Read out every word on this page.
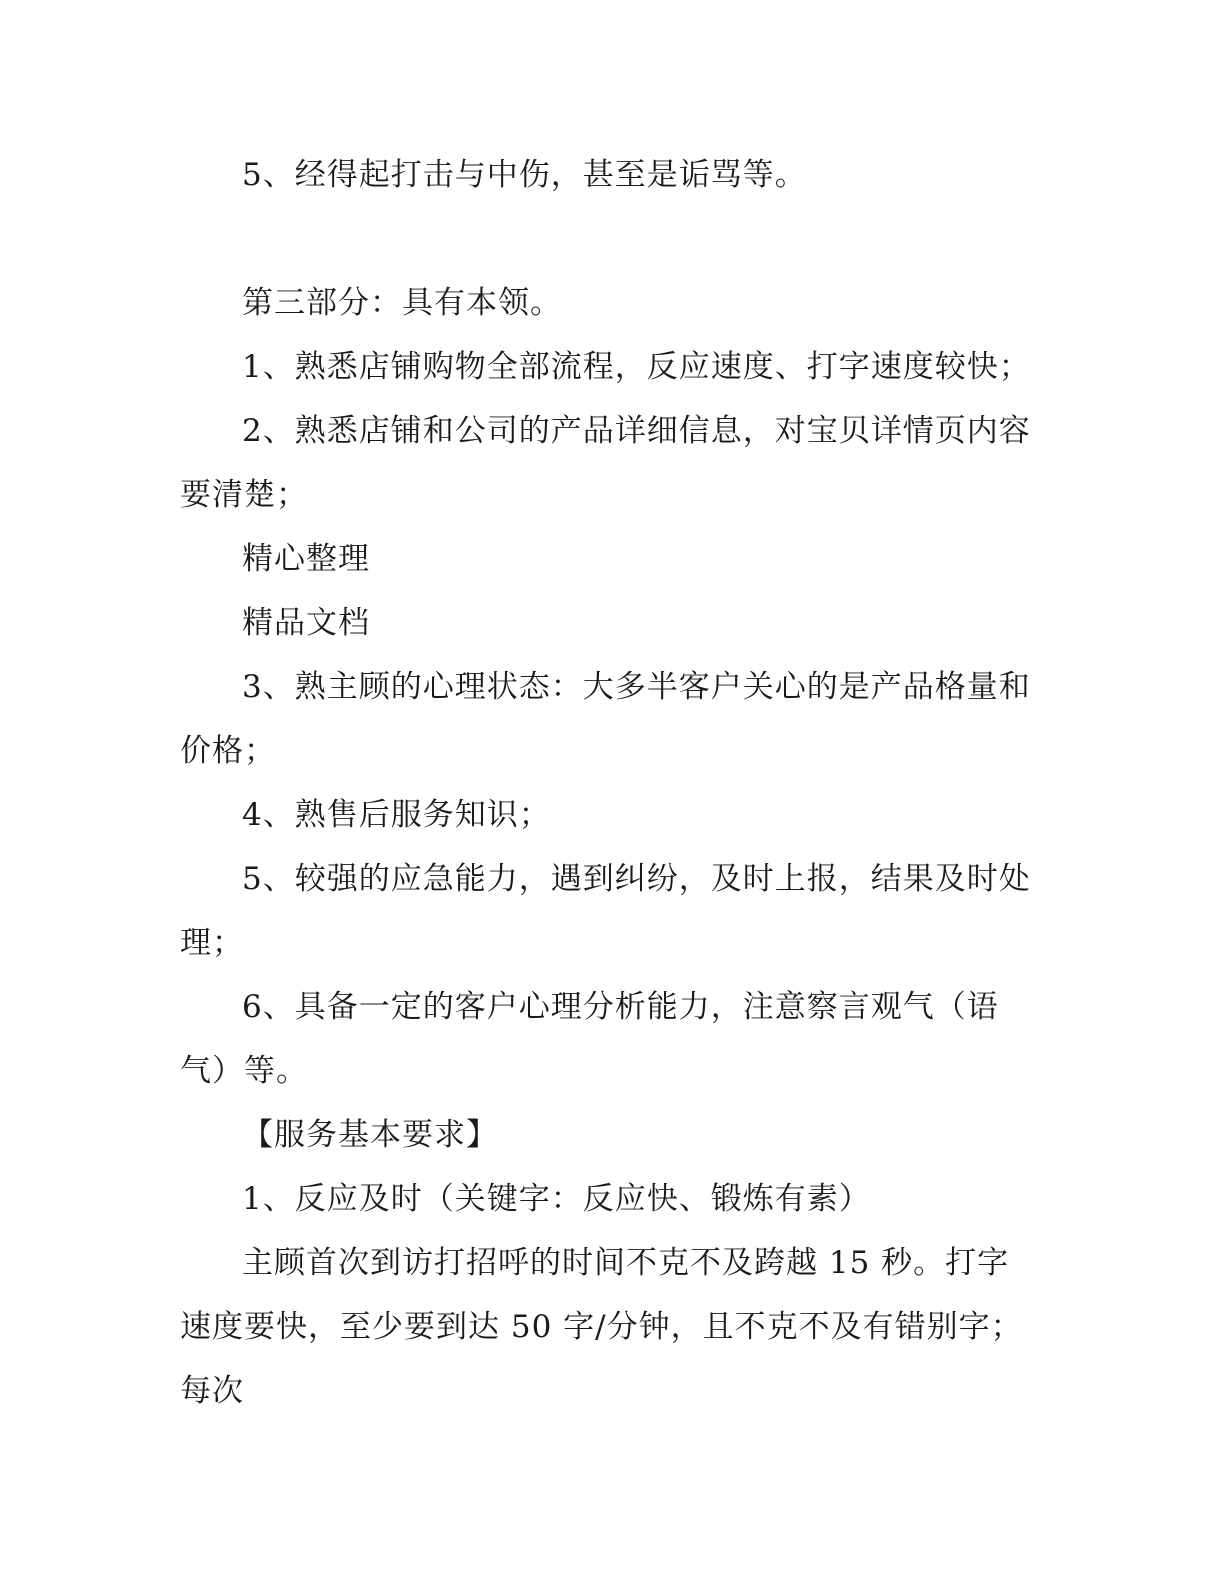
5、经得起打击与中伤，甚至是诟骂等。

第三部分：具有本领。

1、熟悉店铺购物全部流程，反应速度、打字速度较快；

2、熟悉店铺和公司的产品详细信息，对宝贝详情页内容要清楚；

精心整理

精品文档

3、熟主顾的心理状态：大多半客户关心的是产品格量和价格；

4、熟售后服务知识；

5、较强的应急能力，遇到纠纷，及时上报，结果及时处理；

6、具备一定的客户心理分析能力，注意察言观气（语气）等。

【服务基本要求】

1、反应及时（关键字：反应快、锻炼有素）

主顾首次到访打招呼的时间不克不及跨越 15 秒。打字速度要快，至少要到达 50 字/分钟，且不克不及有错别字；每次
